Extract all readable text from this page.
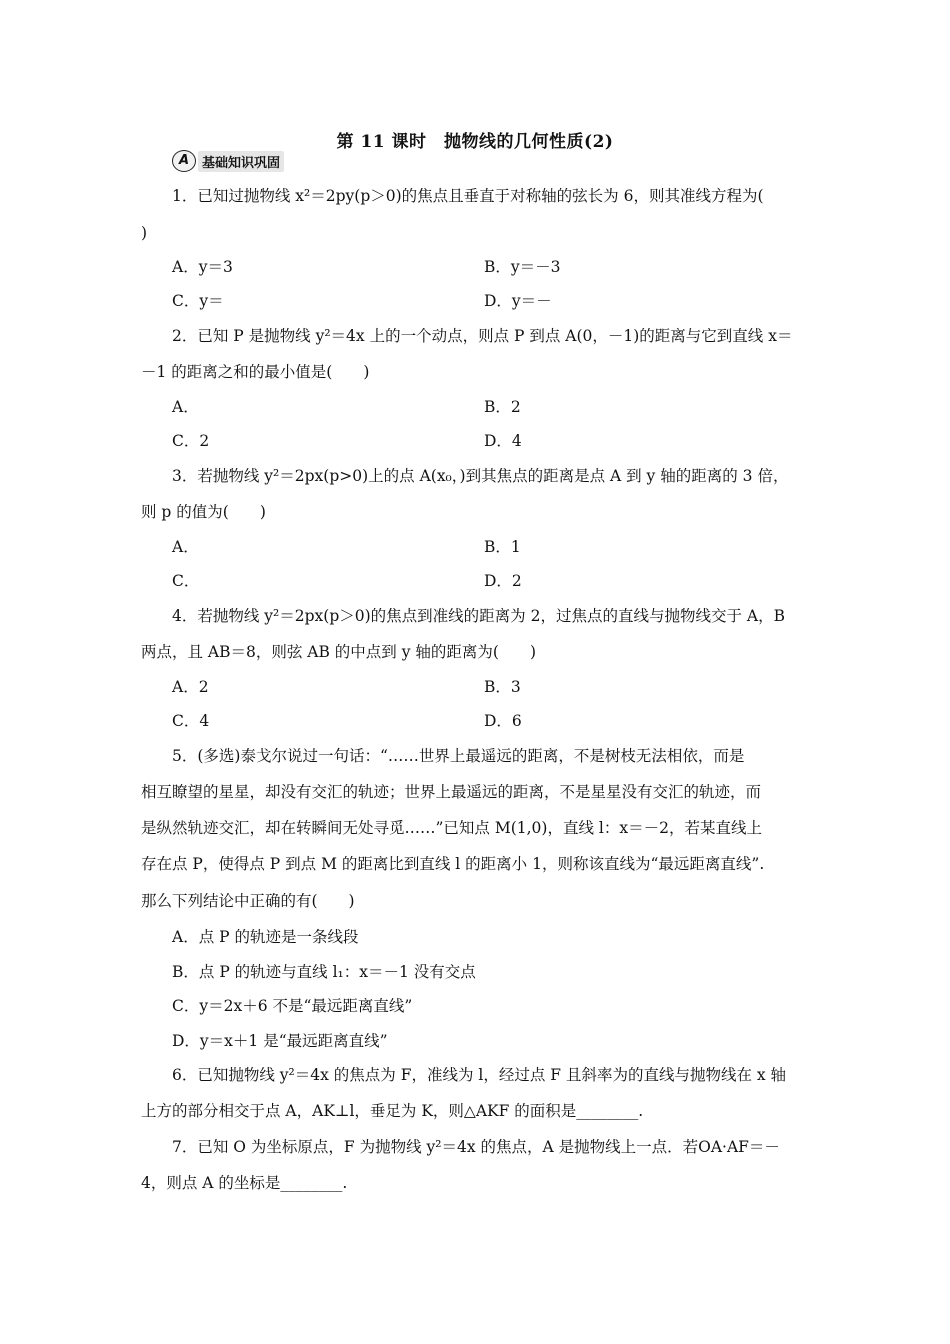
第 11 课时　抛物线的几何性质(2)
A 基础知识巩固
1．已知过抛物线 x²＝2py(p＞0)的焦点且垂直于对称轴的弦长为 6，则其准线方程为(
)
A．y＝3	B．y＝－3
C．y＝	D．y＝－
2．已知 P 是抛物线 y²＝4x 上的一个动点，则点 P 到点 A(0，－1)的距离与它到直线 x＝
－1 的距离之和的最小值是(　　)
A．	B．2
C．2	D．4
3．若抛物线 y²＝2px(p>0)上的点 A(x₀，)到其焦点的距离是点 A 到 y 轴的距离的 3 倍，
则 p 的值为(　　)
A．	B．1
C．	D．2
4．若抛物线 y²＝2px(p＞0)的焦点到准线的距离为 2，过焦点的直线与抛物线交于 A，B
两点，且 AB＝8，则弦 AB 的中点到 y 轴的距离为(　　)
A．2	B．3
C．4	D．6
5．(多选)泰戈尔说过一句话：“……世界上最遥远的距离，不是树枝无法相依，而是
相互瞭望的星星，却没有交汇的轨迹；世界上最遥远的距离，不是星星没有交汇的轨迹，而
是纵然轨迹交汇，却在转瞬间无处寻觅……”已知点 M(1,0)，直线 l：x＝－2，若某直线上
存在点 P，使得点 P 到点 M 的距离比到直线 l 的距离小 1，则称该直线为“最远距离直线”.
那么下列结论中正确的有(　　)
A．点 P 的轨迹是一条线段
B．点 P 的轨迹与直线 l₁：x＝－1 没有交点
C．y＝2x＋6 不是“最远距离直线”
D．y＝x＋1 是“最远距离直线”
6．已知抛物线 y²＝4x 的焦点为 F，准线为 l，经过点 F 且斜率为的直线与抛物线在 x 轴
上方的部分相交于点 A，AK⊥l，垂足为 K，则△AKF 的面积是________.
7．已知 O 为坐标原点，F 为抛物线 y²＝4x 的焦点，A 是抛物线上一点．若OA·AF＝－
4，则点 A 的坐标是________.
